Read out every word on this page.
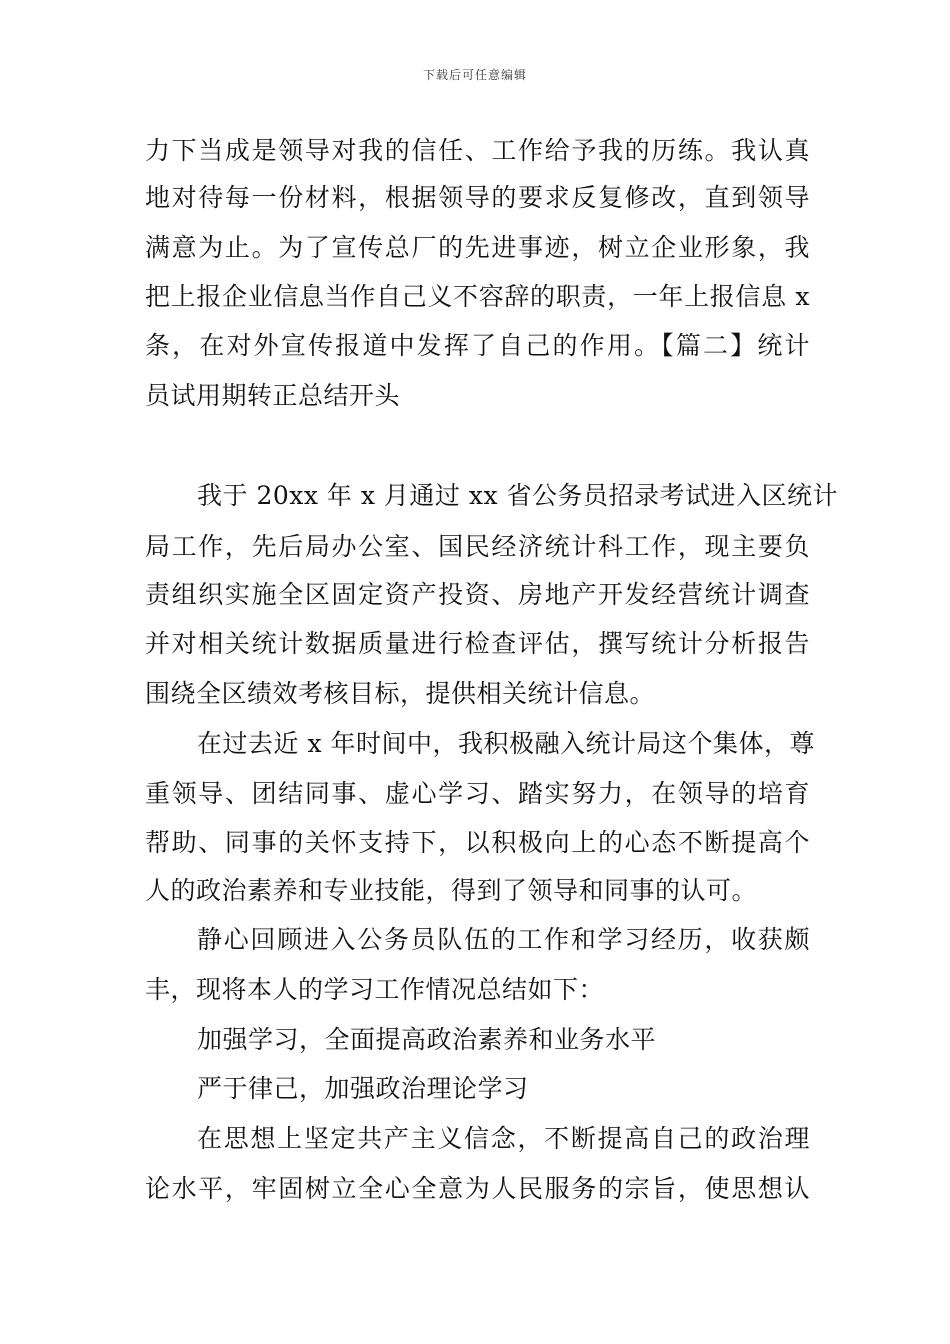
下载后可任意编辑
力下当成是领导对我的信任、工作给予我的历练。我认真
地对待每一份材料，根据领导的要求反复修改，直到领导
满意为止。为了宣传总厂的先进事迹，树立企业形象，我
把上报企业信息当作自己义不容辞的职责，一年上报信息 x
条，在对外宣传报道中发挥了自己的作用。【篇二】统计
员试用期转正总结开头
我于 20xx 年 x 月通过 xx 省公务员招录考试进入区统计
局工作，先后局办公室、国民经济统计科工作，现主要负
责组织实施全区固定资产投资、房地产开发经营统计调查
并对相关统计数据质量进行检查评估，撰写统计分析报告
围绕全区绩效考核目标，提供相关统计信息。
在过去近 x 年时间中，我积极融入统计局这个集体，尊
重领导、团结同事、虚心学习、踏实努力，在领导的培育
帮助、同事的关怀支持下，以积极向上的心态不断提高个
人的政治素养和专业技能，得到了领导和同事的认可。
静心回顾进入公务员队伍的工作和学习经历，收获颇
丰，现将本人的学习工作情况总结如下：
加强学习，全面提高政治素养和业务水平
严于律己，加强政治理论学习
在思想上坚定共产主义信念，不断提高自己的政治理
论水平，牢固树立全心全意为人民服务的宗旨，使思想认
